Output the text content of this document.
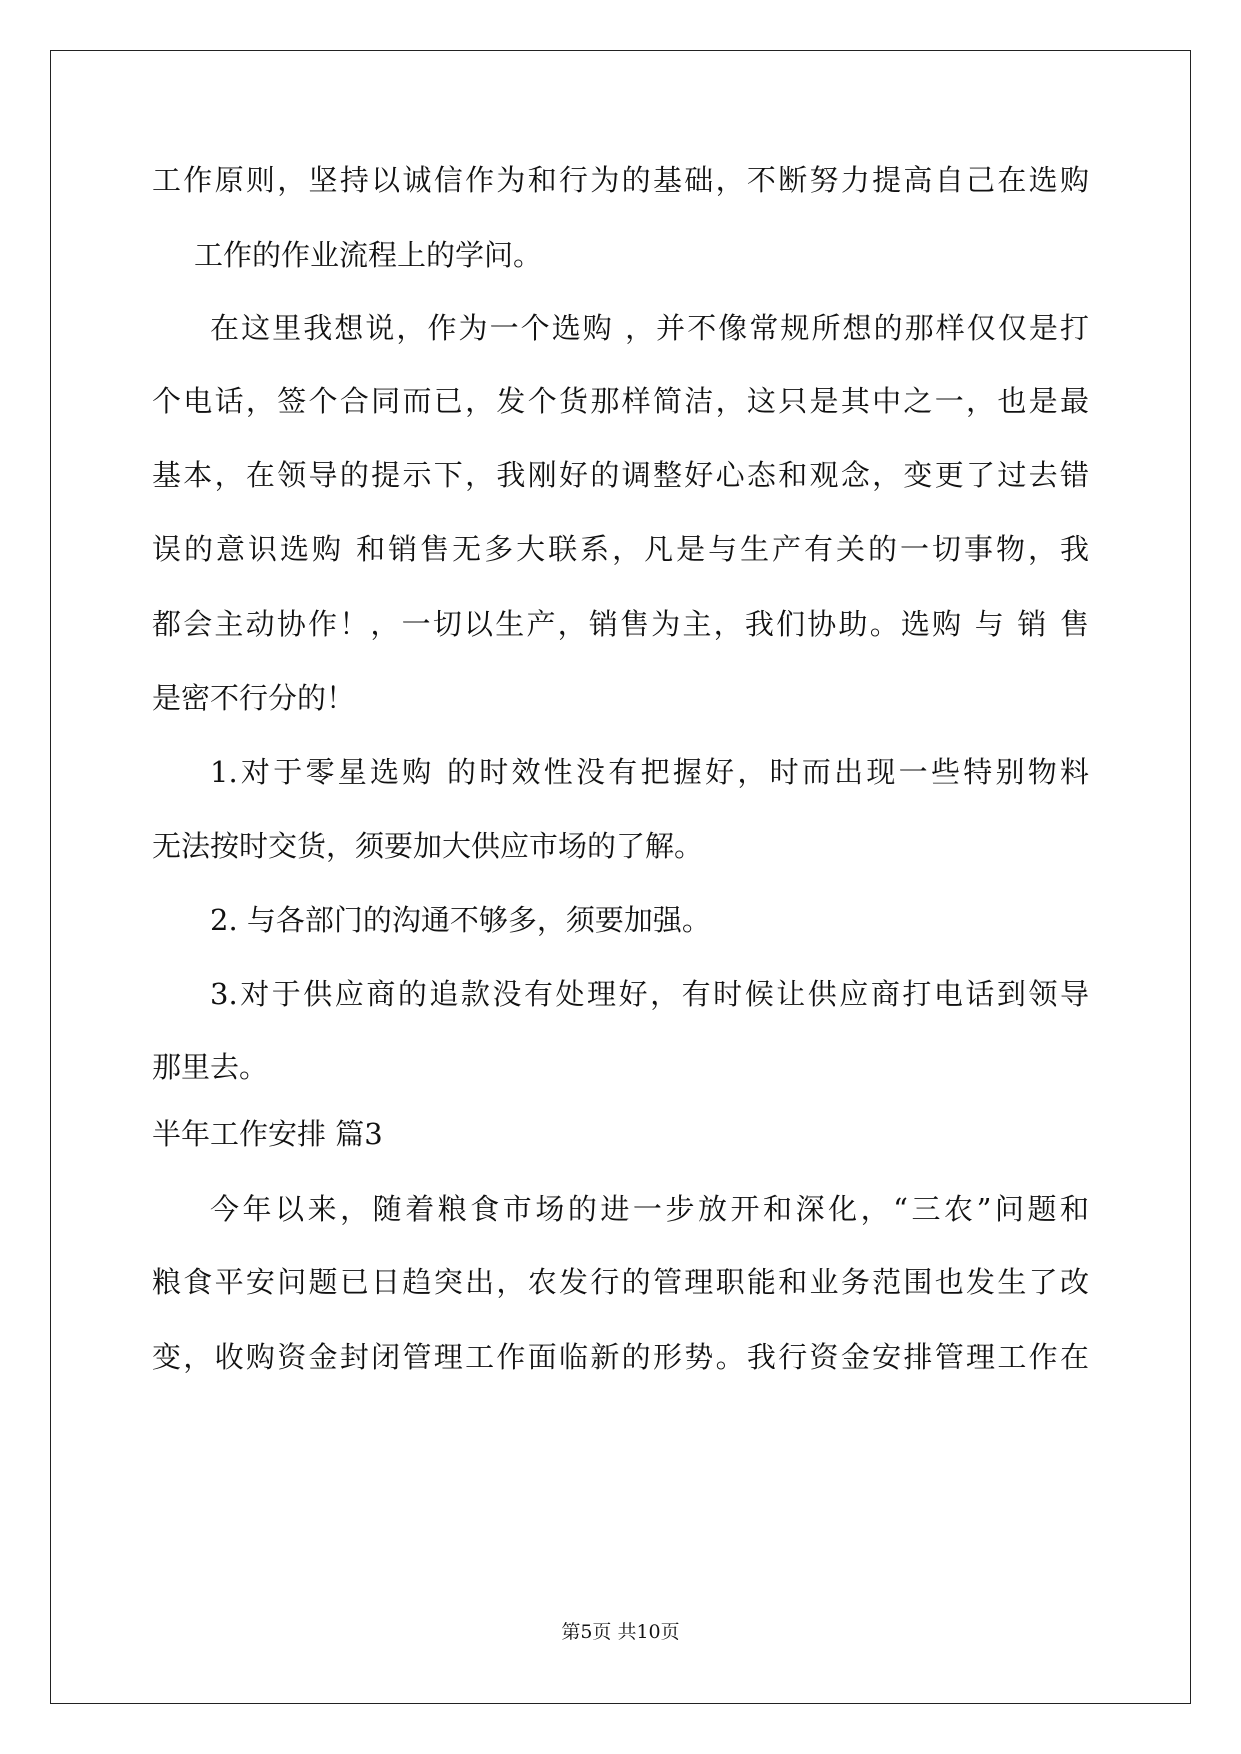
工作原则，坚持以诚信作为和行为的基础，不断努力提高自己在选购
工作的作业流程上的学问。
在这里我想说，作为一个选购 ，并不像常规所想的那样仅仅是打
个电话，签个合同而已，发个货那样简洁，这只是其中之一，也是最
基本，在领导的提示下，我刚好的调整好心态和观念，变更了过去错
误的意识选购 和销售无多大联系，凡是与生产有关的一切事物，我
都会主动协作！，一切以生产，销售为主，我们协助。选购 与 销 售
是密不行分的！
1.对于零星选购 的时效性没有把握好，时而出现一些特别物料
无法按时交货，须要加大供应市场的了解。
2. 与各部门的沟通不够多，须要加强。
3.对于供应商的追款没有处理好，有时候让供应商打电话到领导
那里去。
半年工作安排 篇3
今年以来，随着粮食市场的进一步放开和深化，“三农”问题和
粮食平安问题已日趋突出，农发行的管理职能和业务范围也发生了改
变，收购资金封闭管理工作面临新的形势。我行资金安排管理工作在
第5页 共10页
